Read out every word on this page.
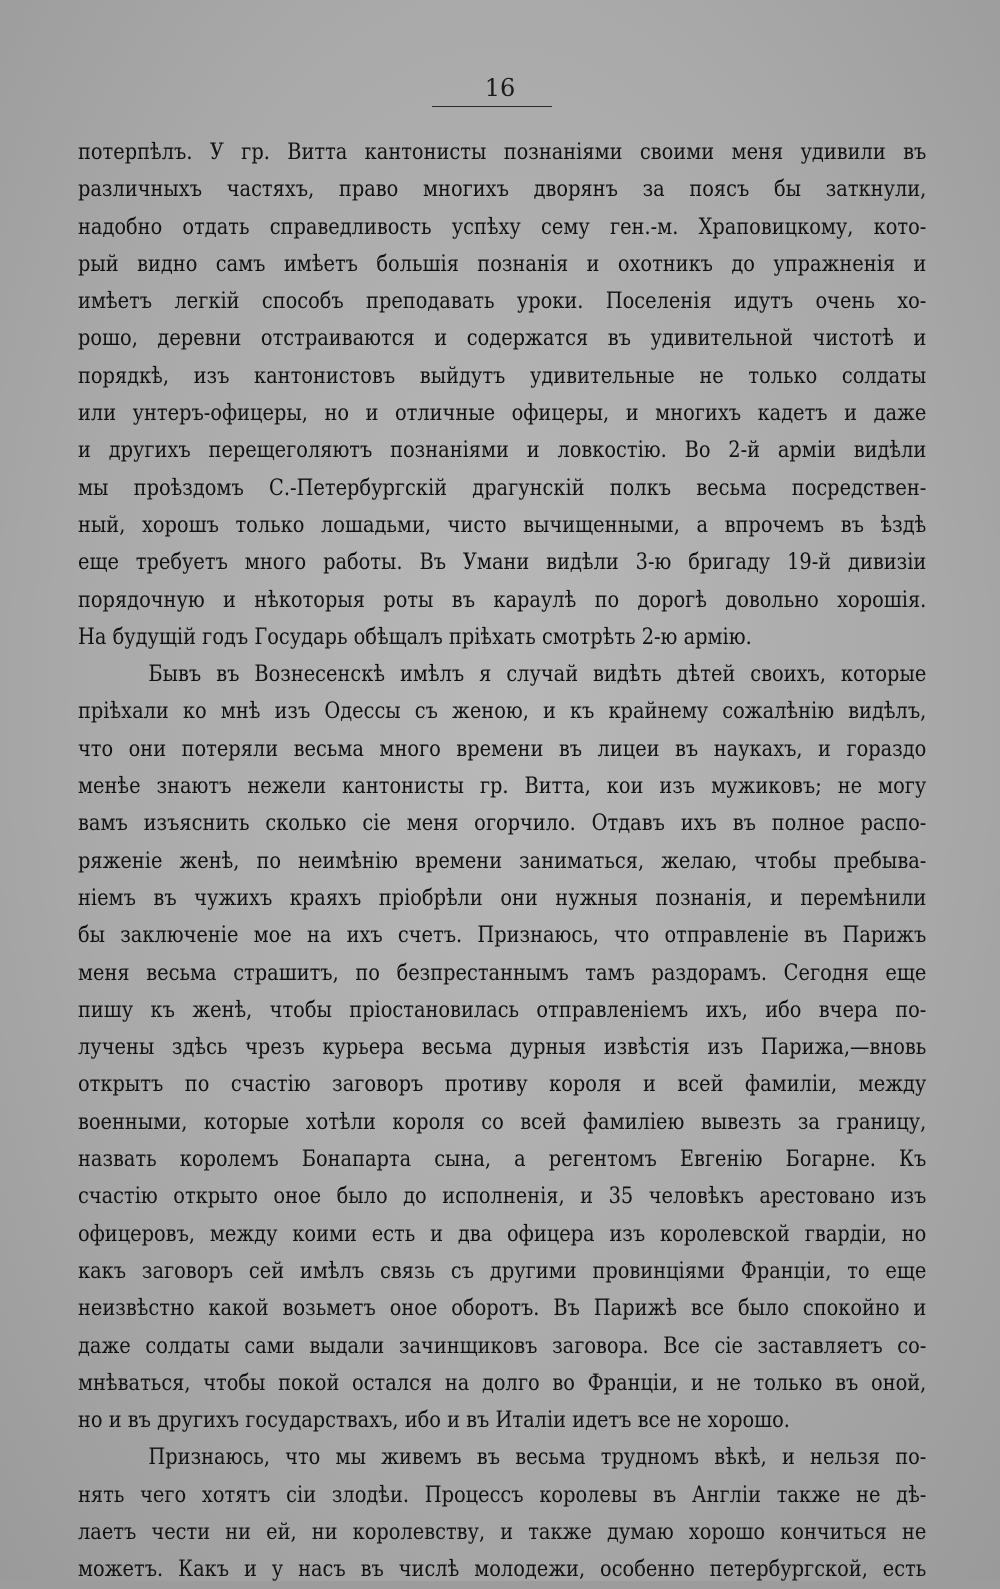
16
потерпѣлъ. У гр. Витта кантонисты познаніями своими меня удивили въ
различныхъ частяхъ, право многихъ дворянъ за поясъ бы заткнули,
надобно отдать справедливость успѣху сему ген.-м. Храповицкому, кото-
рый видно самъ имѣетъ большія познанія и охотникъ до упражненія и
имѣетъ легкій способъ преподавать уроки. Поселенія идутъ очень хо-
рошо, деревни отстраиваются и содержатся въ удивительной чистотѣ и
порядкѣ, изъ кантонистовъ выйдутъ удивительные не только солдаты
или унтеръ-офицеры, но и отличные офицеры, и многихъ кадетъ и даже
и другихъ перещеголяютъ познаніями и ловкостію. Во 2-й арміи видѣли
мы проѣздомъ С.-Петербургскій драгунскій полкъ весьма посредствен-
ный, хорошъ только лошадьми, чисто вычищенными, а впрочемъ въ ѣздѣ
еще требуетъ много работы. Въ Умани видѣли 3-ю бригаду 19-й дивизіи
порядочную и нѣкоторыя роты въ караулѣ по дорогѣ довольно хорошія.
На будущій годъ Государь обѣщалъ пріѣхать смотрѣть 2-ю армію.
Бывъ въ Вознесенскѣ имѣлъ я случай видѣть дѣтей своихъ, которые
пріѣхали ко мнѣ изъ Одессы съ женою, и къ крайнему сожалѣнію видѣлъ,
что они потеряли весьма много времени въ лицеи въ наукахъ, и гораздо
менѣе знаютъ нежели кантонисты гр. Витта, кои изъ мужиковъ; не могу
вамъ изъяснить сколько сіе меня огорчило. Отдавъ ихъ въ полное распо-
ряженіе женѣ, по неимѣнію времени заниматься, желаю, чтобы пребыва-
ніемъ въ чужихъ краяхъ пріобрѣли они нужныя познанія, и перемѣнили
бы заключеніе мое на ихъ счетъ. Признаюсь, что отправленіе въ Парижъ
меня весьма страшитъ, по безпрестаннымъ тамъ раздорамъ. Сегодня еще
пишу къ женѣ, чтобы пріостановилась отправленіемъ ихъ, ибо вчера по-
лучены здѣсь чрезъ курьера весьма дурныя извѣстія изъ Парижа,—вновь
открытъ по счастію заговоръ противу короля и всей фамиліи, между
военными, которые хотѣли короля со всей фамиліею вывезть за границу,
назвать королемъ Бонапарта сына, а регентомъ Евгенію Богарне. Къ
счастію открыто оное было до исполненія, и 35 человѣкъ арестовано изъ
офицеровъ, между коими есть и два офицера изъ королевской гвардіи, но
какъ заговоръ сей имѣлъ связь съ другими провинціями Франціи, то еще
неизвѣстно какой возьметъ оное оборотъ. Въ Парижѣ все было спокойно и
даже солдаты сами выдали зачинщиковъ заговора. Все сіе заставляетъ со-
мнѣваться, чтобы покой остался на долго во Франціи, и не только въ оной,
но и въ другихъ государствахъ, ибо и въ Италіи идетъ все не хорошо.
Признаюсь, что мы живемъ въ весьма трудномъ вѣкѣ, и нельзя по-
нять чего хотятъ сіи злодѣи. Процессъ королевы въ Англіи также не дѣ-
лаетъ чести ни ей, ни королевству, и также думаю хорошо кончиться не
можетъ. Какъ и у насъ въ числѣ молодежи, особенно петербургской, есть
